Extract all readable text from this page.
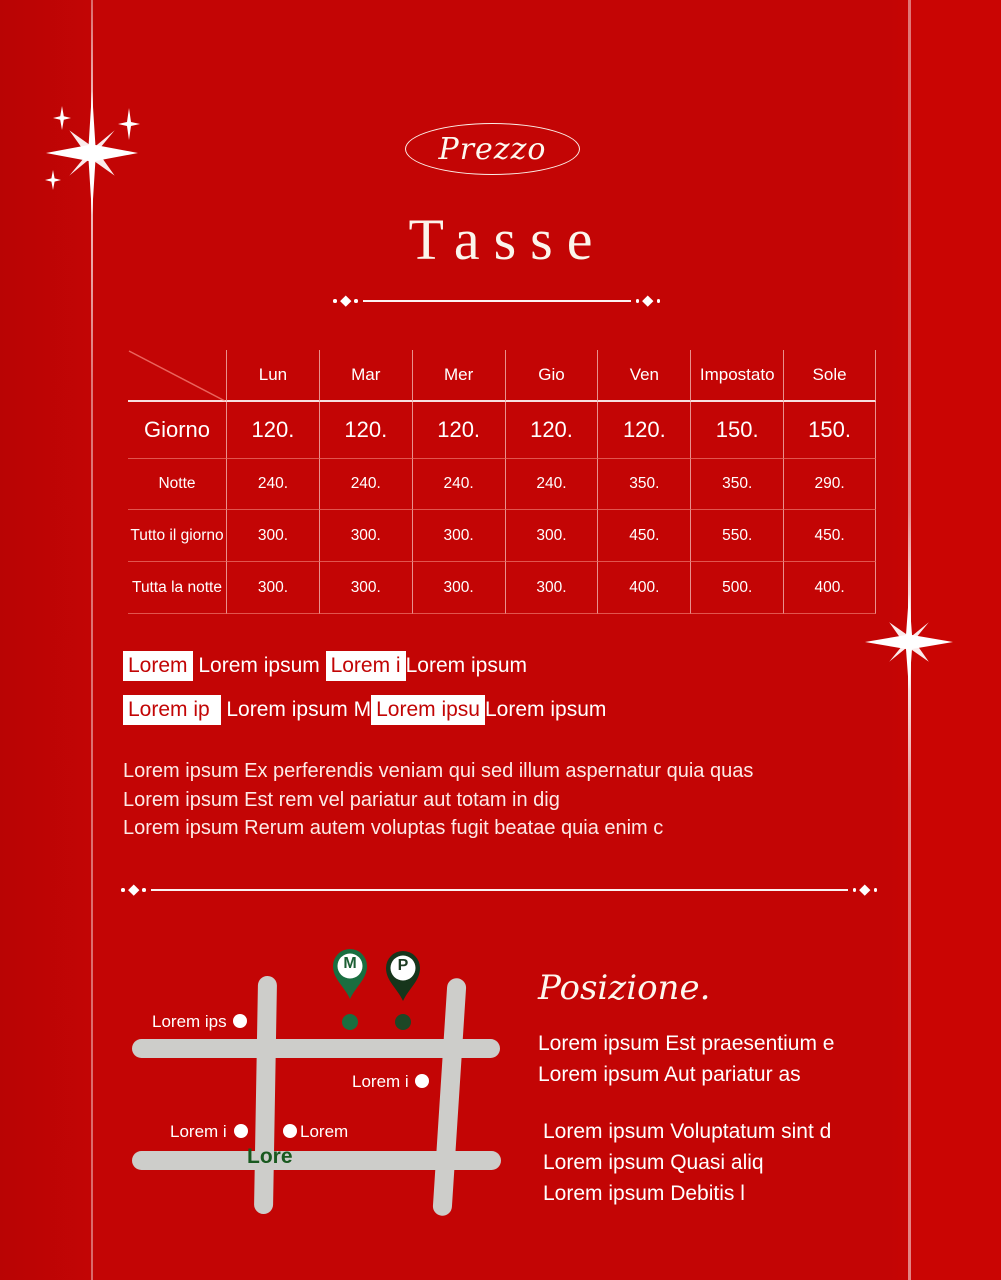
Prezzo
Tasse
Lun	Mar	Mer	Gio	Ven	Impostato	Sole
Giorno	120.	120.	120.	120.	120.	150.	150.
Notte	240.	240.	240.	240.	350.	350.	290.
Tutto il giorno	300.	300.	300.	300.	450.	550.	450.
Tutta la notte	300.	300.	300.	300.	400.	500.	400.
Lorem Lorem ipsum Lorem i Lorem ipsum
Lorem ip  Lorem ipsum M Lorem ipsu Lorem ipsum
Lorem ipsum Ex perferendis veniam qui sed illum aspernatur quia quas
Lorem ipsum Est rem vel pariatur aut totam in dig
Lorem ipsum Rerum autem voluptas fugit beatae quia enim c
M	P
Lorem ips
Lorem i
Lorem i	Lorem
Lore
Posizione.
Lorem ipsum Est praesentium e
Lorem ipsum Aut pariatur as
Lorem ipsum Voluptatum sint d
Lorem ipsum Quasi aliq
Lorem ipsum Debitis l
